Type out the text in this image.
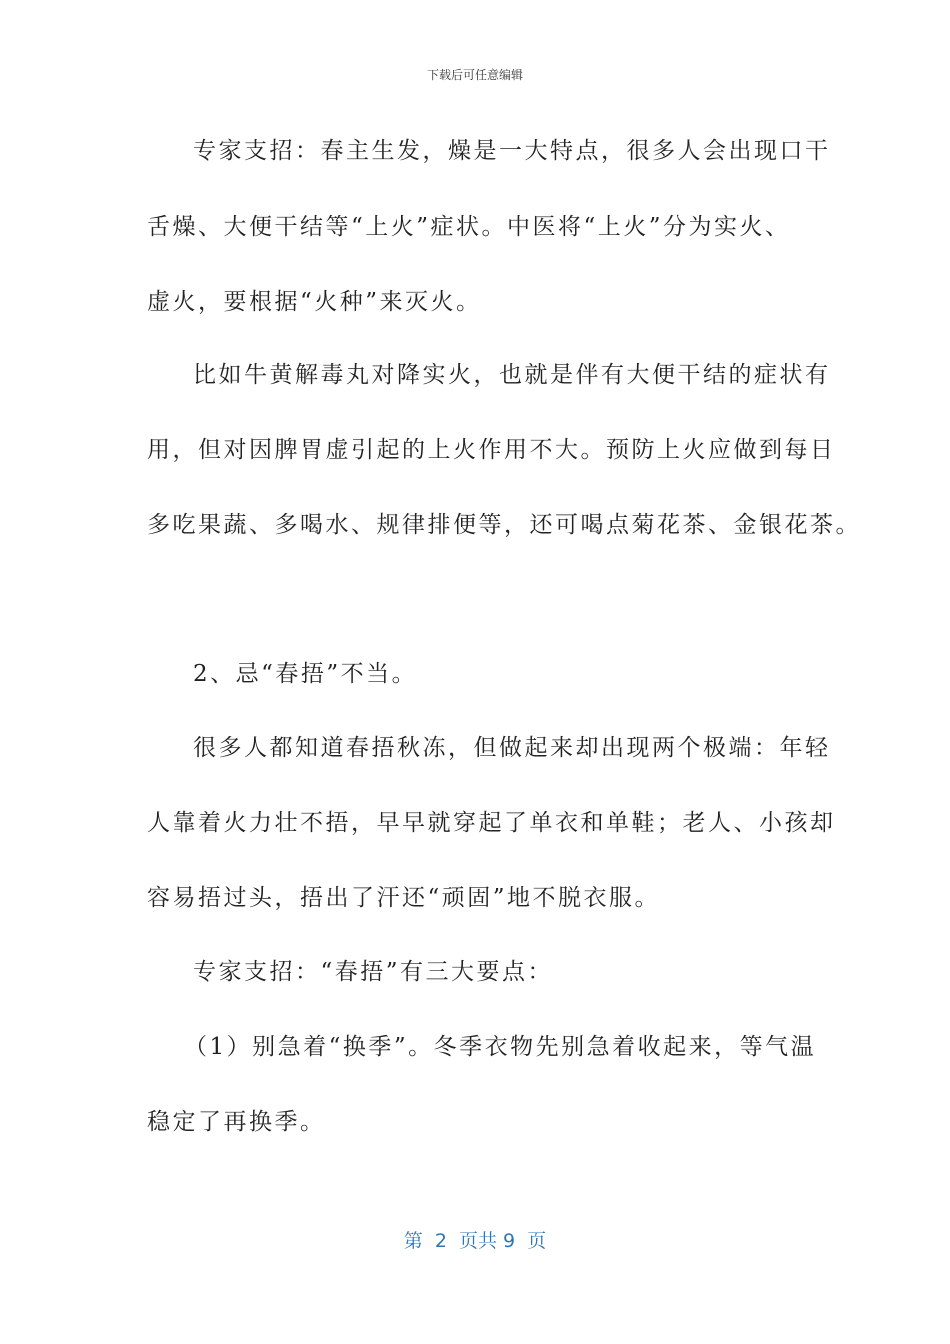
下载后可任意编辑
专家支招：春主生发，燥是一大特点，很多人会出现口干
舌燥、大便干结等“上火”症状。中医将“上火”分为实火、
虚火，要根据“火种”来灭火。
比如牛黄解毒丸对降实火，也就是伴有大便干结的症状有
用，但对因脾胃虚引起的上火作用不大。预防上火应做到每日
多吃果蔬、多喝水、规律排便等，还可喝点菊花茶、金银花茶。
2、忌“春捂”不当。
很多人都知道春捂秋冻，但做起来却出现两个极端：年轻
人靠着火力壮不捂，早早就穿起了单衣和单鞋；老人、小孩却
容易捂过头，捂出了汗还“顽固”地不脱衣服。
专家支招：“春捂”有三大要点：
（1）别急着“换季”。冬季衣物先别急着收起来，等气温
稳定了再换季。
第  2  页共 9  页
